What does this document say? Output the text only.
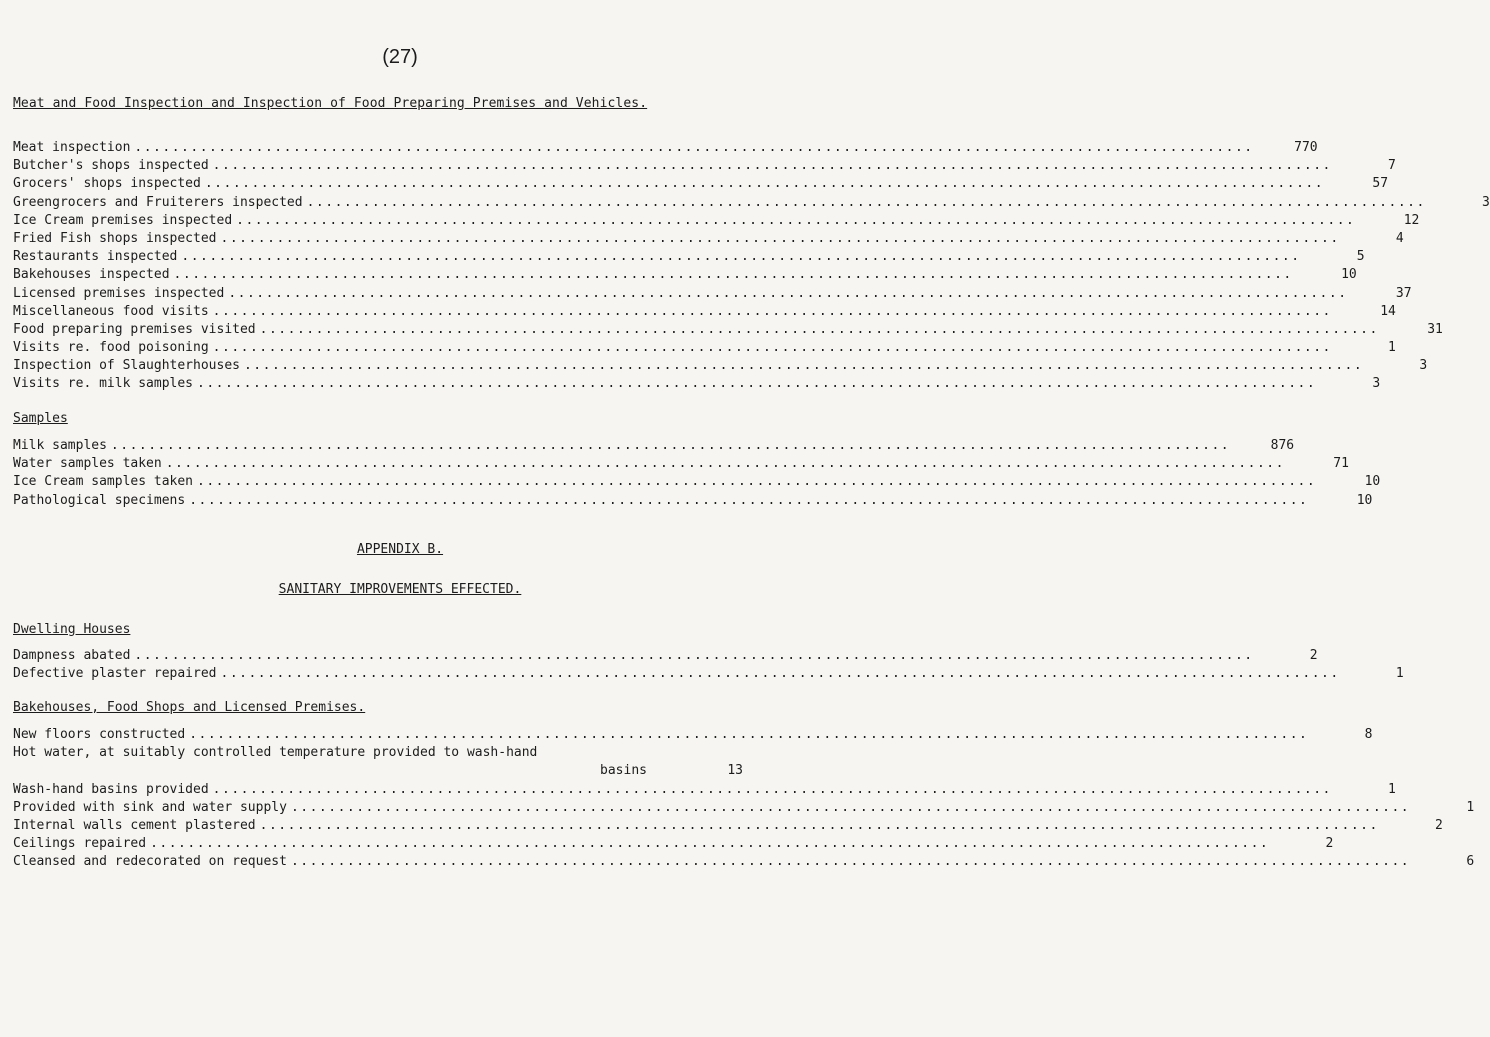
(27)
Meat and Food Inspection and Inspection of Food Preparing Premises and Vehicles.
Meat inspection ........................................................................................................................	770
Butcher's shops inspected ........................................................................................................................	7
Grocers' shops inspected ........................................................................................................................	57
Greengrocers and Fruiterers inspected ........................................................................................................................	3
Ice Cream premises inspected ........................................................................................................................	12
Fried Fish shops inspected ........................................................................................................................	4
Restaurants inspected ........................................................................................................................	5
Bakehouses inspected ........................................................................................................................	10
Licensed premises inspected ........................................................................................................................	37
Miscellaneous food visits ........................................................................................................................	14
Food preparing premises visited ........................................................................................................................	31
Visits re. food poisoning ........................................................................................................................	1
Inspection of Slaughterhouses ........................................................................................................................	3
Visits re. milk samples ........................................................................................................................	3
Samples
Milk samples ........................................................................................................................	876
Water samples taken ........................................................................................................................	71
Ice Cream samples taken ........................................................................................................................	10
Pathological specimens ........................................................................................................................	10
APPENDIX B.
SANITARY IMPROVEMENTS EFFECTED.
Dwelling Houses
Dampness abated ........................................................................................................................	2
Defective plaster repaired ........................................................................................................................	1
Bakehouses, Food Shops and Licensed Premises.
New floors constructed ........................................................................................................................	8
Hot water, at suitably controlled temperature provided to wash-hand
basins	13
Wash-hand basins provided ........................................................................................................................	1
Provided with sink and water supply ........................................................................................................................	1
Internal walls cement plastered ........................................................................................................................	2
Ceilings repaired ........................................................................................................................	2
Cleansed and redecorated on request ........................................................................................................................	6
